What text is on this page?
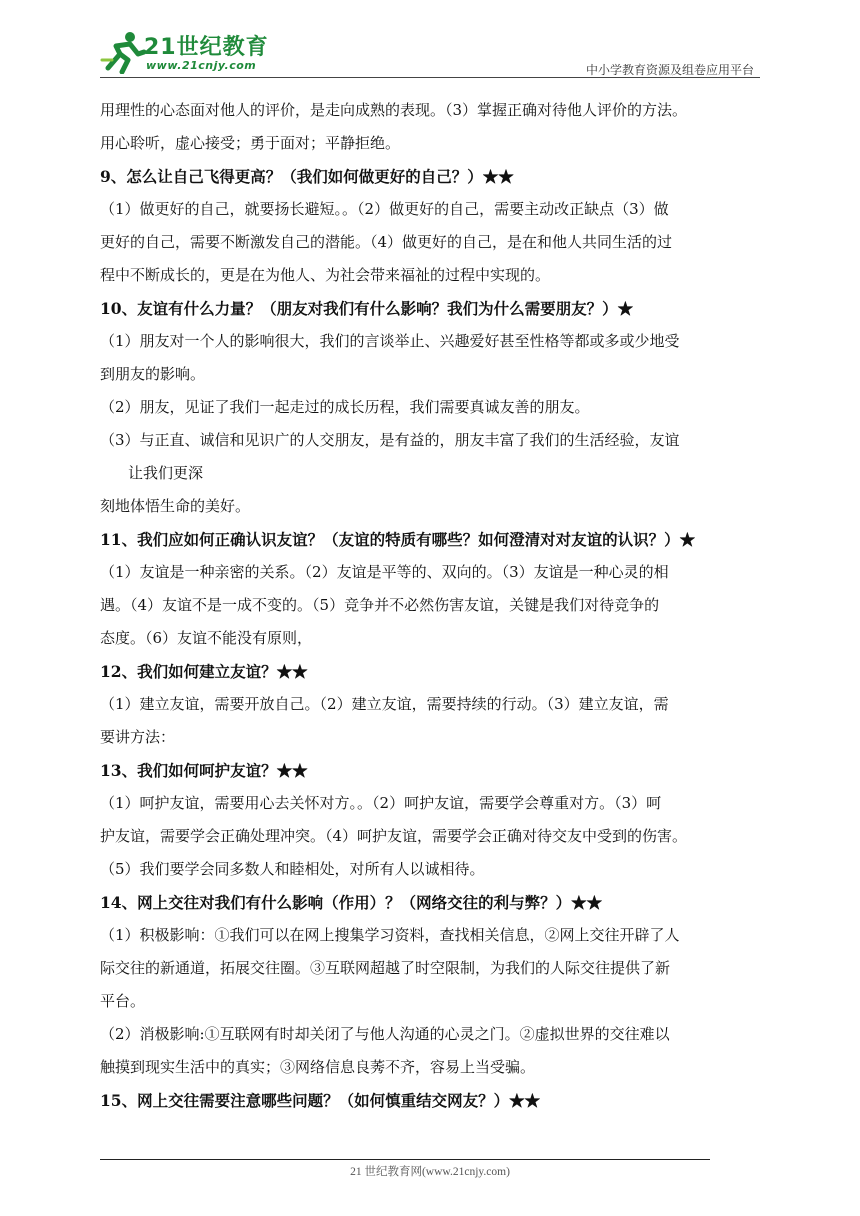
21世纪教育
www.21cnjy.com	中小学教育资源及组卷应用平台

用理性的心态面对他人的评价，是走向成熟的表现。（3）掌握正确对待他人评价的方法。

用心聆听，虚心接受；勇于面对；平静拒绝。

9、怎么让自己飞得更高？（我们如何做更好的自己？）★★

（1）做更好的自己，就要扬长避短。。（2）做更好的自己，需要主动改正缺点（3）做

更好的自己，需要不断激发自己的潜能。（4）做更好的自己，是在和他人共同生活的过

程中不断成长的，更是在为他人、为社会带来福祉的过程中实现的。

10、友谊有什么力量？（朋友对我们有什么影响？我们为什么需要朋友？）★

（1）朋友对一个人的影响很大，我们的言谈举止、兴趣爱好甚至性格等都或多或少地受

到朋友的影响。

（2）朋友，见证了我们一起走过的成长历程，我们需要真诚友善的朋友。

（3）与正直、诚信和见识广的人交朋友，是有益的，朋友丰富了我们的生活经验，友谊

让我们更深

刻地体悟生命的美好。

11、我们应如何正确认识友谊？（友谊的特质有哪些？如何澄清对对友谊的认识？）★

（1）友谊是一种亲密的关系。（2）友谊是平等的、双向的。（3）友谊是一种心灵的相

遇。（4）友谊不是一成不变的。（5）竞争并不必然伤害友谊，关键是我们对待竞争的

态度。（6）友谊不能没有原则，

12、我们如何建立友谊？★★

（1）建立友谊，需要开放自己。（2）建立友谊，需要持续的行动。（3）建立友谊，需

要讲方法：

13、我们如何呵护友谊？★★

（1）呵护友谊，需要用心去关怀对方。。（2）呵护友谊，需要学会尊重对方。（3）呵

护友谊，需要学会正确处理冲突。（4）呵护友谊，需要学会正确对待交友中受到的伤害。

（5）我们要学会同多数人和睦相处，对所有人以诚相待。

14、网上交往对我们有什么影响（作用）？（网络交往的利与弊？）★★

（1）积极影响：①我们可以在网上搜集学习资料，查找相关信息，②网上交往开辟了人

际交往的新通道，拓展交往圈。③互联网超越了时空限制，为我们的人际交往提供了新

平台。

（2）消极影响:①互联网有时却关闭了与他人沟通的心灵之门。②虚拟世界的交往难以

触摸到现实生活中的真实；③网络信息良莠不齐，容易上当受骗。

15、网上交往需要注意哪些问题？（如何慎重结交网友？）★★

21 世纪教育网(www.21cnjy.com)
